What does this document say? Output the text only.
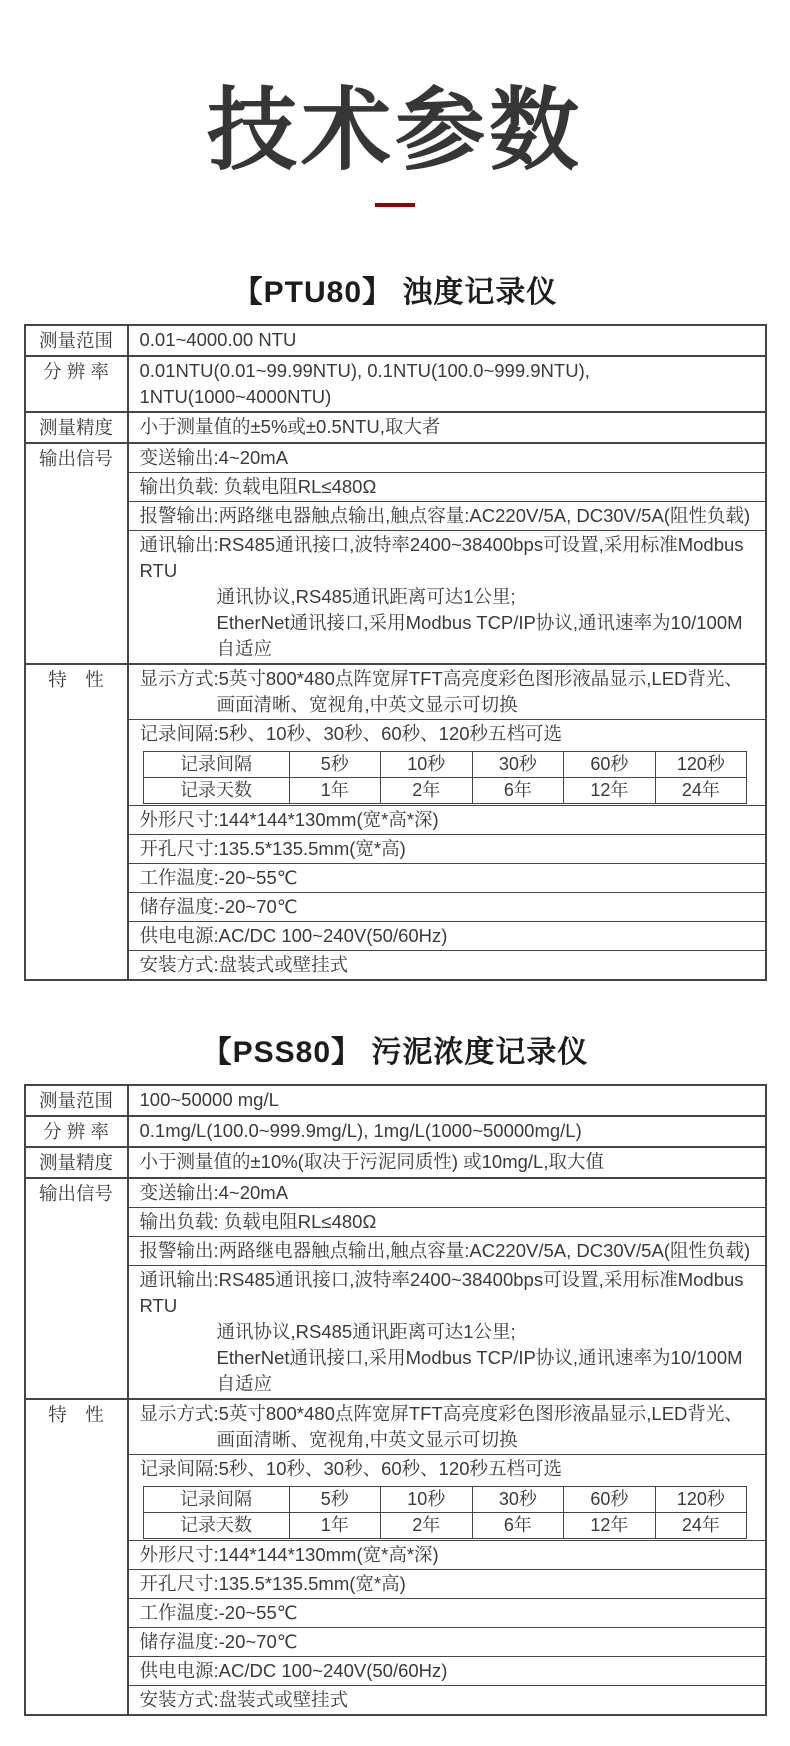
技术参数
【PTU80】 浊度记录仪
测量范围	0.01~4000.00 NTU
分 辨 率	0.01NTU(0.01~99.99NTU), 0.1NTU(100.0~999.9NTU), 1NTU(1000~4000NTU)
测量精度	小于测量值的±5%或±0.5NTU,取大者
输出信号	变送输出:4~20mA
输出负载: 负载电阻RL≤480Ω
报警输出:两路继电器触点输出,触点容量:AC220V/5A, DC30V/5A(阻性负载)

通讯输出:RS485通讯接口,波特率2400~38400bps可设置,采用标准Modbus RTU
通讯协议,RS485通讯距离可达1公里;
EtherNet通讯接口,采用Modbus TCP/IP协议,通讯速率为10/100M自适应

特　性	显示方式:5英寸800*480点阵宽屏TFT高亮度彩色图形液晶显示,LED背光、
画面清晰、宽视角,中英文显示可切换

记录间隔:5秒、10秒、30秒、60秒、120秒五档可选
记录间隔	5秒	10秒	30秒	60秒	120秒
记录天数	1年	2年	6年	12年	24年

外形尺寸:144*144*130mm(宽*高*深)
开孔尺寸:135.5*135.5mm(宽*高)
工作温度:-20~55℃
储存温度:-20~70℃
供电电源:AC/DC 100~240V(50/60Hz)
安装方式:盘装式或壁挂式
【PSS80】 污泥浓度记录仪
测量范围	100~50000 mg/L
分 辨 率	0.1mg/L(100.0~999.9mg/L), 1mg/L(1000~50000mg/L)
测量精度	小于测量值的±10%(取决于污泥同质性) 或10mg/L,取大值
输出信号	变送输出:4~20mA
输出负载: 负载电阻RL≤480Ω
报警输出:两路继电器触点输出,触点容量:AC220V/5A, DC30V/5A(阻性负载)

通讯输出:RS485通讯接口,波特率2400~38400bps可设置,采用标准Modbus RTU
通讯协议,RS485通讯距离可达1公里;
EtherNet通讯接口,采用Modbus TCP/IP协议,通讯速率为10/100M自适应

特　性	显示方式:5英寸800*480点阵宽屏TFT高亮度彩色图形液晶显示,LED背光、
画面清晰、宽视角,中英文显示可切换

记录间隔:5秒、10秒、30秒、60秒、120秒五档可选
记录间隔	5秒	10秒	30秒	60秒	120秒
记录天数	1年	2年	6年	12年	24年

外形尺寸:144*144*130mm(宽*高*深)
开孔尺寸:135.5*135.5mm(宽*高)
工作温度:-20~55℃
储存温度:-20~70℃
供电电源:AC/DC 100~240V(50/60Hz)
安装方式:盘装式或壁挂式
